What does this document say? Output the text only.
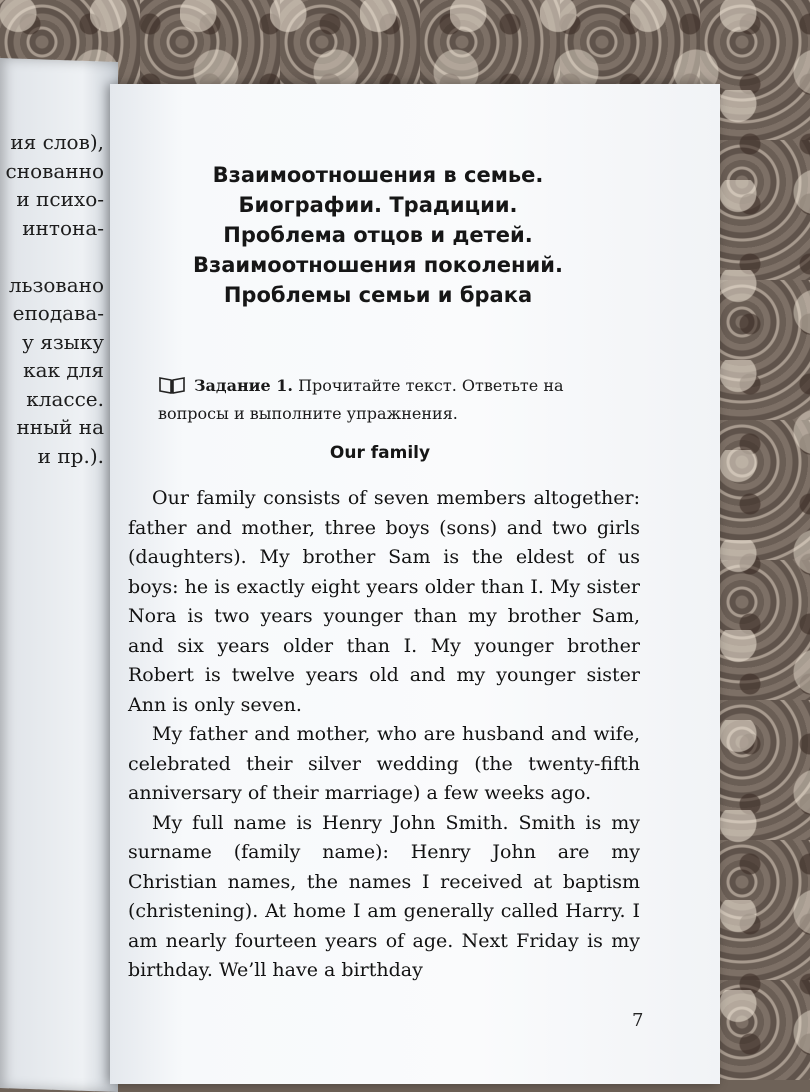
ия слов),
снованно
и психо-
интона-

льзовано
еподава-
у языку
как для
классе.
нный на
и пр.).
Взаимоотношения в семье.
Биографии. Традиции.
Проблема отцов и детей.
Взаимоотношения поколений.
Проблемы семьи и брака
Задание 1. Прочитайте текст. Ответьте на вопросы и выполните упражнения.
Our family

Our family consists of seven members altogether: father and mother, three boys (sons) and two girls (daughters). My brother Sam is the eldest of us boys: he is exactly eight years older than I. My sister Nora is two years younger than my brother Sam, and six years older than I. My younger brother Robert is twelve years old and my younger sister Ann is only seven.

My father and mother, who are husband and wife, celebrated their silver wedding (the twenty-fifth anniversary of their marriage) a few weeks ago.

My full name is Henry John Smith. Smith is my surname (family name): Henry John are my Christian names, the names I received at baptism (christening). At home I am generally called Harry. I am nearly fourteen years of age. Next Friday is my birthday. We’ll have a birthday

7
